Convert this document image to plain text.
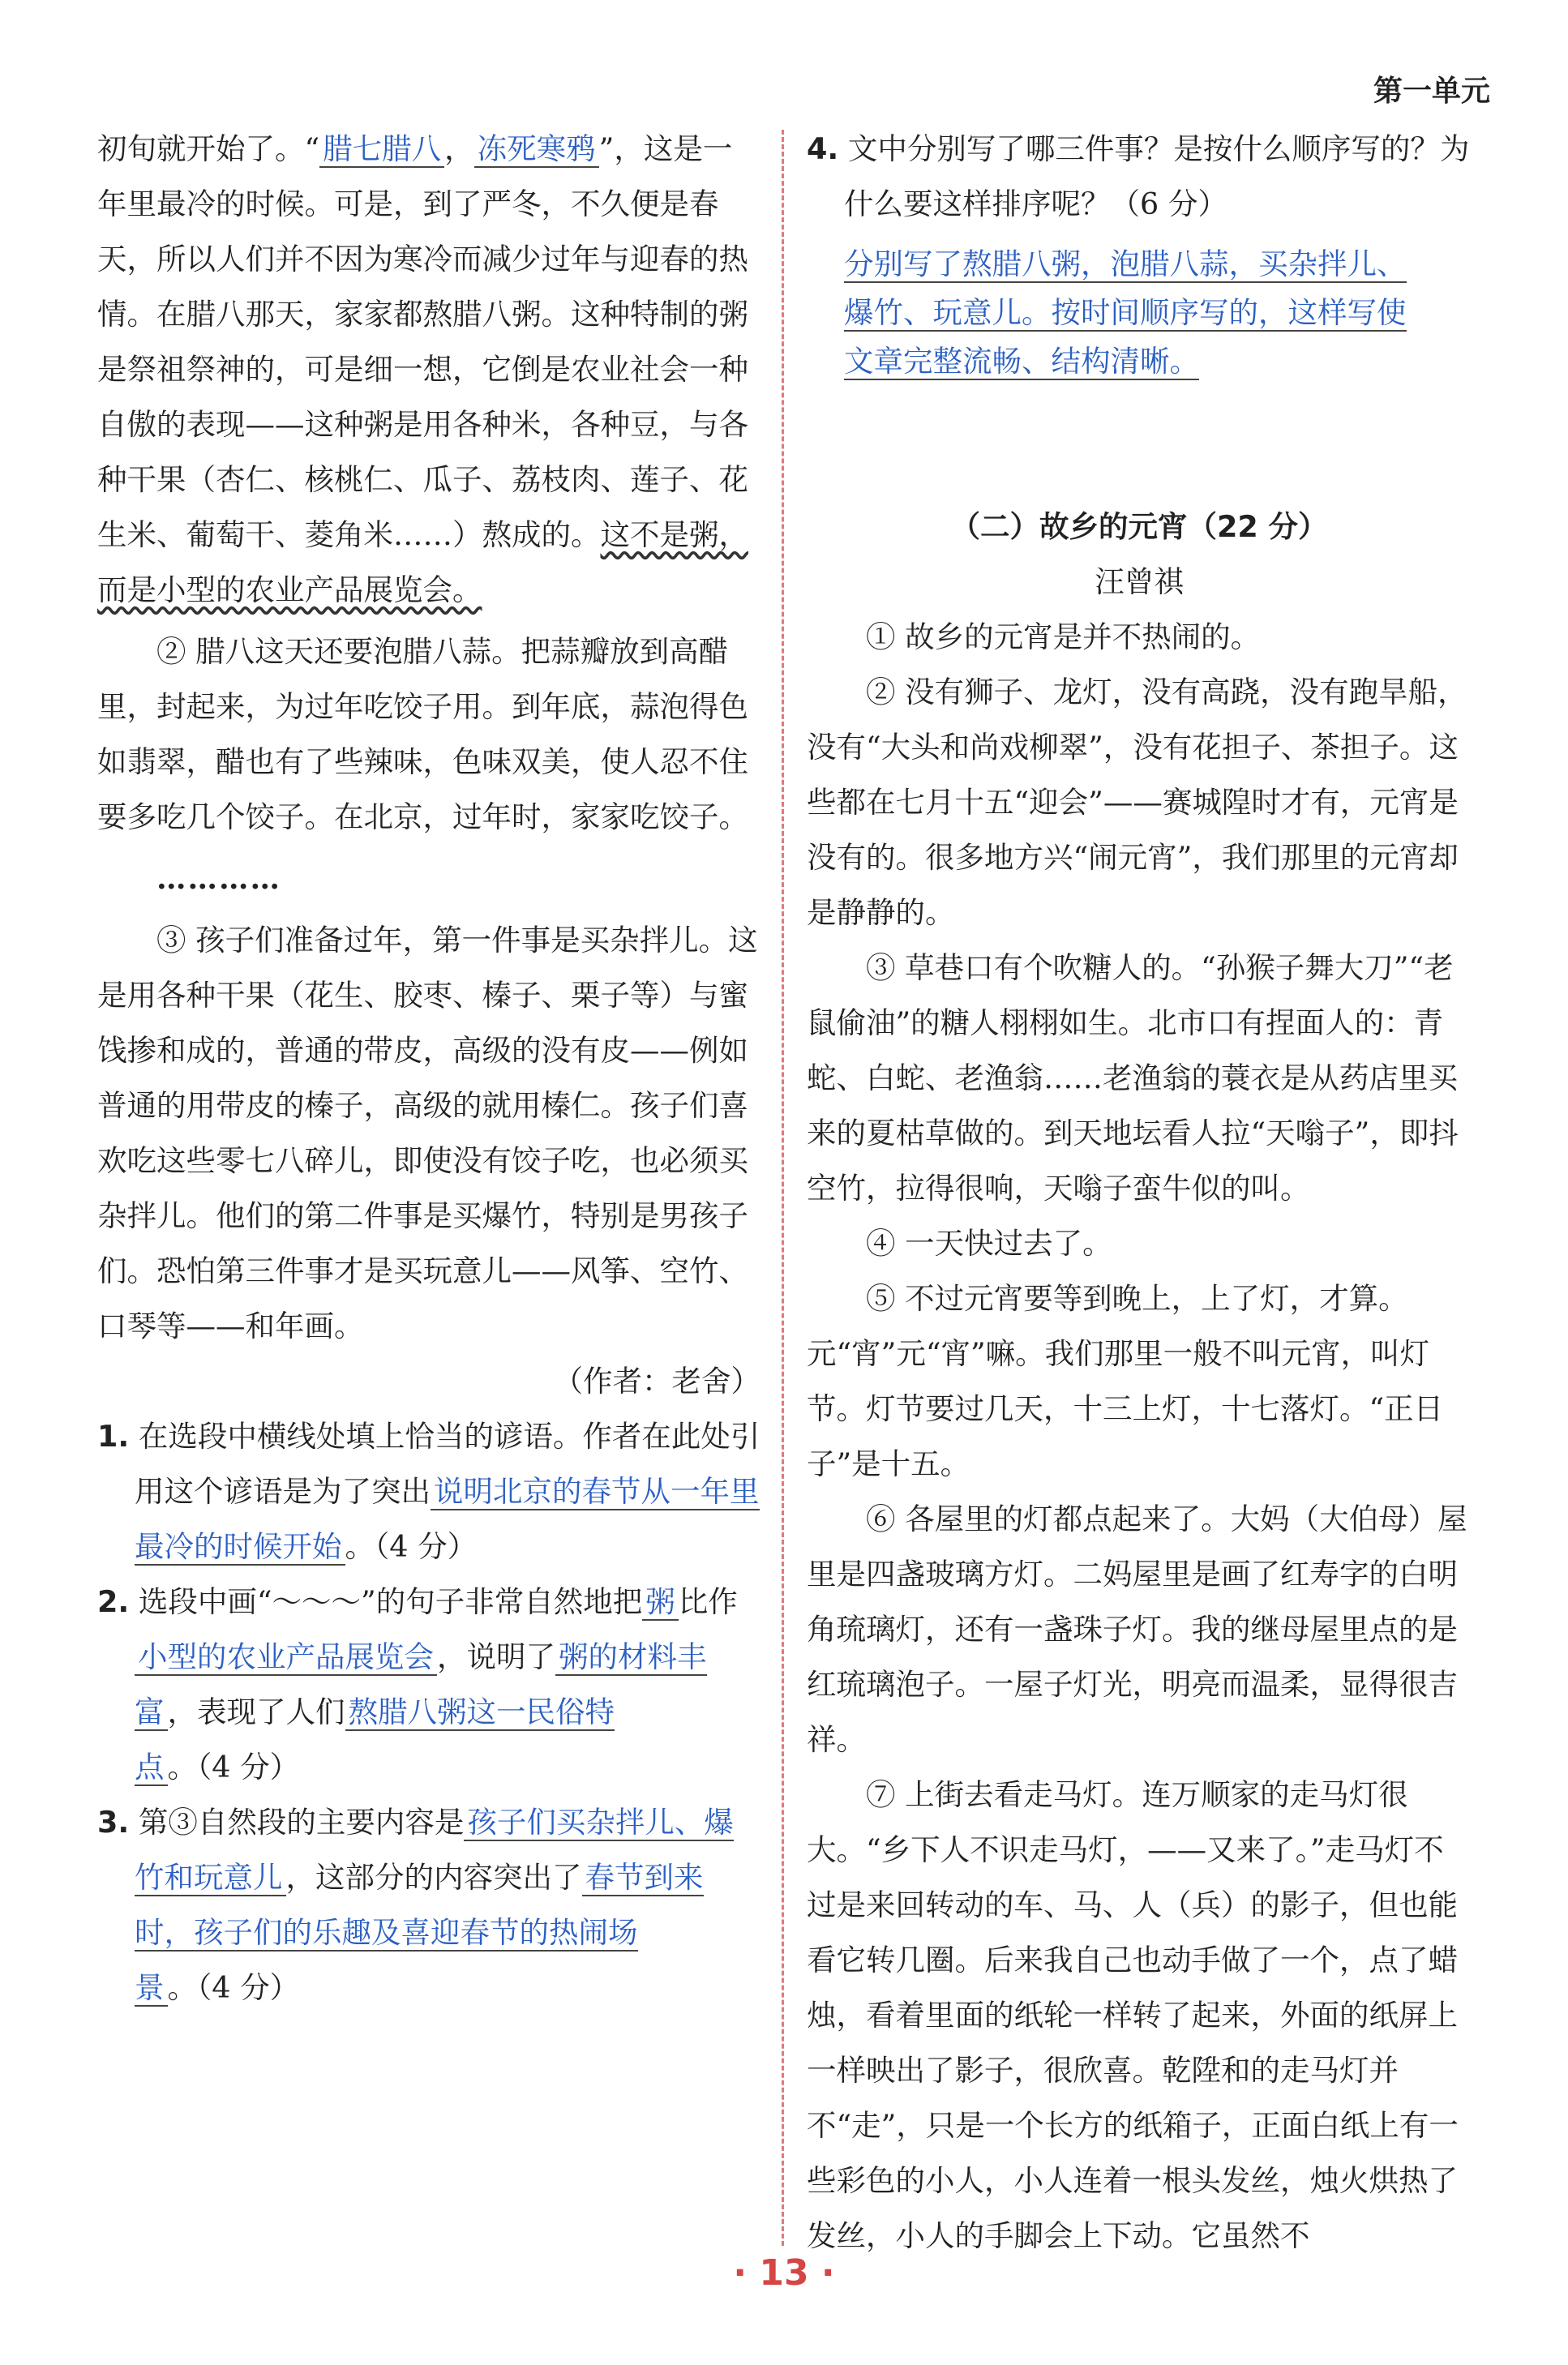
第一单元

初旬就开始了。“ 腊七腊八 ， 冻死寒鸦 ”，这是一年里最冷的时候。可是，到了严冬，不久便是春天，所以人们并不因为寒冷而减少过年与迎春的热情。在腊八那天，家家都熬腊八粥。这种特制的粥是祭祖祭神的，可是细一想，它倒是农业社会一种自傲的表现——这种粥是用各种米，各种豆，与各种干果（杏仁、核桃仁、瓜子、荔枝肉、莲子、花生米、葡萄干、菱角米……）熬成的。这不是粥，而是小型的农业产品展览会。

② 腊八这天还要泡腊八蒜。把蒜瓣放到高醋里，封起来，为过年吃饺子用。到年底，蒜泡得色如翡翠，醋也有了些辣味，色味双美，使人忍不住要多吃几个饺子。在北京，过年时，家家吃饺子。

…………

③ 孩子们准备过年，第一件事是买杂拌儿。这是用各种干果（花生、胶枣、榛子、栗子等）与蜜饯掺和成的，普通的带皮，高级的没有皮——例如普通的用带皮的榛子，高级的就用榛仁。孩子们喜欢吃这些零七八碎儿，即使没有饺子吃，也必须买杂拌儿。他们的第二件事是买爆竹，特别是男孩子们。恐怕第三件事才是买玩意儿——风筝、空竹、口琴等——和年画。

（作者：老舍）

1. 在选段中横线处填上恰当的谚语。作者在此处引用这个谚语是为了突出 说明北京的春节从一年里最冷的时候开始 。（4 分）

2. 选段中画“～～～”的句子非常自然地把 粥 比作小型的农业产品展览会 ，说明了 粥的材料丰富 ，表现了人们 熬腊八粥这一民俗特点 。（4 分）

3. 第③自然段的主要内容是 孩子们买杂拌儿、爆竹和玩意儿 ，这部分的内容突出了 春节到来时，孩子们的乐趣及喜迎春节的热闹场景 。（4 分）

4. 文中分别写了哪三件事？是按什么顺序写的？为什么要这样排序呢？（6 分）

分别写了熬腊八粥，泡腊八蒜，买杂拌儿、
爆竹、玩意儿。按时间顺序写的，这样写使
文章完整流畅、结构清晰。

（二）故乡的元宵（22 分）

汪曾祺

① 故乡的元宵是并不热闹的。

② 没有狮子、龙灯，没有高跷，没有跑旱船，没有“大头和尚戏柳翠”，没有花担子、茶担子。这些都在七月十五“迎会”——赛城隍时才有，元宵是没有的。很多地方兴“闹元宵”，我们那里的元宵却是静静的。

③ 草巷口有个吹糖人的。“孙猴子舞大刀”“老鼠偷油”的糖人栩栩如生。北市口有捏面人的：青蛇、白蛇、老渔翁……老渔翁的蓑衣是从药店里买来的夏枯草做的。到天地坛看人拉“天嗡子”，即抖空竹，拉得很响，天嗡子蛮牛似的叫。

④ 一天快过去了。

⑤ 不过元宵要等到晚上，上了灯，才算。元“宵”元“宵”嘛。我们那里一般不叫元宵，叫灯节。灯节要过几天，十三上灯，十七落灯。“正日子”是十五。

⑥ 各屋里的灯都点起来了。大妈（大伯母）屋里是四盏玻璃方灯。二妈屋里是画了红寿字的白明角琉璃灯，还有一盏珠子灯。我的继母屋里点的是红琉璃泡子。一屋子灯光，明亮而温柔，显得很吉祥。

⑦ 上街去看走马灯。连万顺家的走马灯很大。“乡下人不识走马灯，——又来了。”走马灯不过是来回转动的车、马、人（兵）的影子，但也能看它转几圈。后来我自己也动手做了一个，点了蜡烛，看着里面的纸轮一样转了起来，外面的纸屏上一样映出了影子，很欣喜。乾陞和的走马灯并不“走”，只是一个长方的纸箱子，正面白纸上有一些彩色的小人，小人连着一根头发丝，烛火烘热了发丝，小人的手脚会上下动。它虽然不

· 13 ·
